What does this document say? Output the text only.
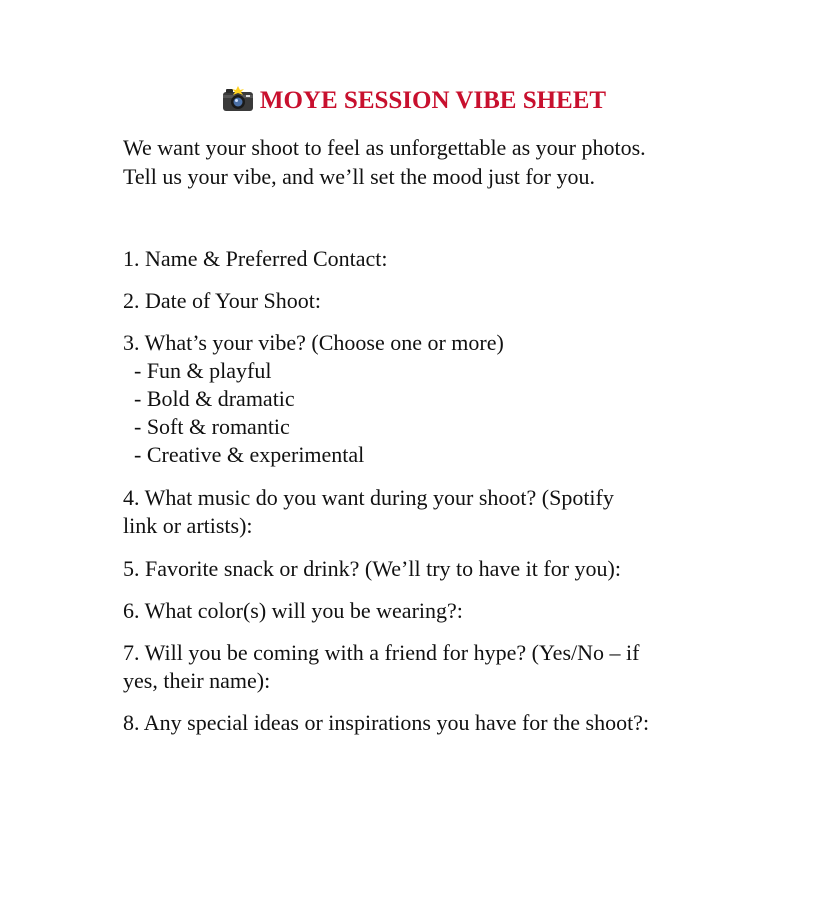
MOYE SESSION VIBE SHEET
We want your shoot to feel as unforgettable as your photos.
Tell us your vibe, and we’ll set the mood just for you.
1. Name & Preferred Contact:
2. Date of Your Shoot:
3. What’s your vibe? (Choose one or more)
- Fun & playful
- Bold & dramatic
- Soft & romantic
- Creative & experimental
4. What music do you want during your shoot? (Spotify
link or artists):
5. Favorite snack or drink? (We’ll try to have it for you):
6. What color(s) will you be wearing?:
7. Will you be coming with a friend for hype? (Yes/No – if
yes, their name):
8. Any special ideas or inspirations you have for the shoot?:
